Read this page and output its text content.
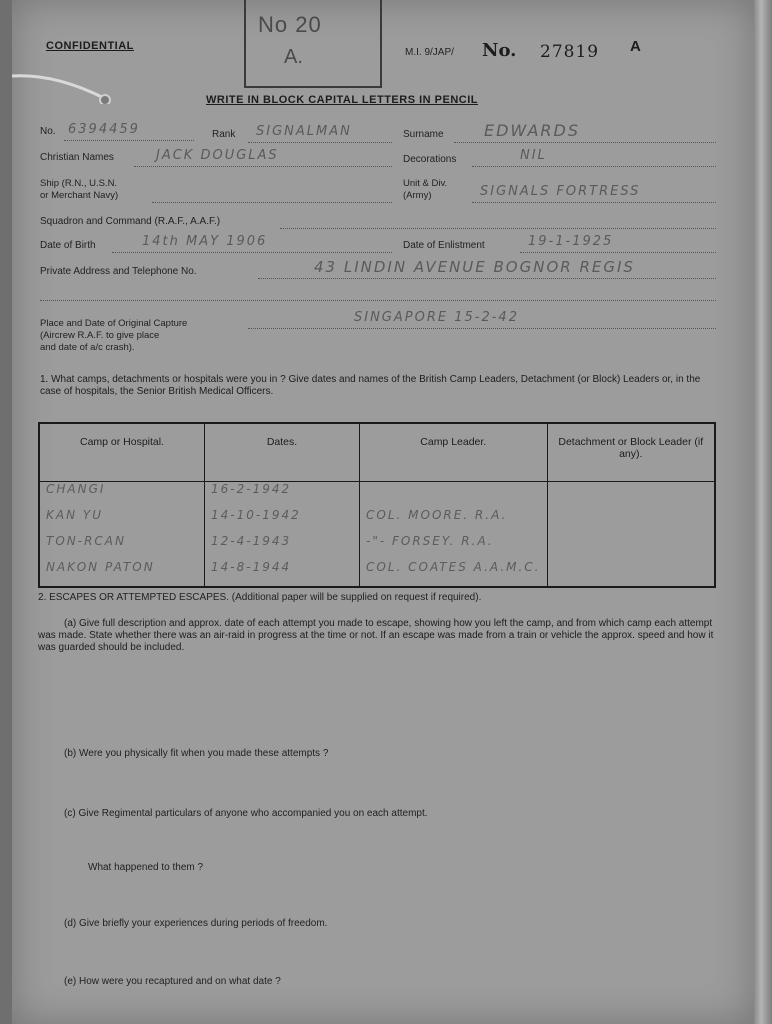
CONFIDENTIAL
No 20
A.	M.I. 9/JAP/ No. 27819 A
WRITE IN BLOCK CAPITAL LETTERS IN PENCIL
No. 6394459	Rank SIGNALMAN	Surname	EDWARDS
Christian Names	JACK DOUGLAS	Decorations	NIL
Ship (R.N., U.S.N.
or Merchant Navy)
Unit & Div.
(Army)	SIGNALS FORTRESS
Squadron and Command (R.A.F., A.A.F.)
Date of Birth	14th MAY 1906	Date of Enlistment	19-1-1925
Private Address and Telephone No.	43 LINDIN AVENUE BOGNOR REGIS
Place and Date of Original Capture
(Aircrew R.A.F. to give place
and date of a/c crash).
SINGAPORE 15-2-42
1. What camps, detachments or hospitals were you in ? Give dates and names of the British Camp Leaders, Detachment (or Block) Leaders or, in the case of hospitals, the Senior British Medical Officers.
Camp or Hospital.	Dates.	Camp Leader.	Detachment or Block Leader (if any).
CHANGI	16-2-1942		
KAN YU	14-10-1942	COL. MOORE. R.A.	
TON-RCAN	12-4-1943	-"- FORSEY. R.A.	
NAKON PATON	14-8-1944	COL. COATES A.A.M.C.	
2. ESCAPES OR ATTEMPTED ESCAPES. (Additional paper will be supplied on request if required).
(a) Give full description and approx. date of each attempt you made to escape, showing how you left the camp, and from which camp each attempt was made. State whether there was an air-raid in progress at the time or not. If an escape was made from a train or vehicle the approx. speed and how it was guarded should be included.
(b) Were you physically fit when you made these attempts ?
(c) Give Regimental particulars of anyone who accompanied you on each attempt.
What happened to them ?
(d) Give briefly your experiences during periods of freedom.
(e) How were you recaptured and on what date ?
